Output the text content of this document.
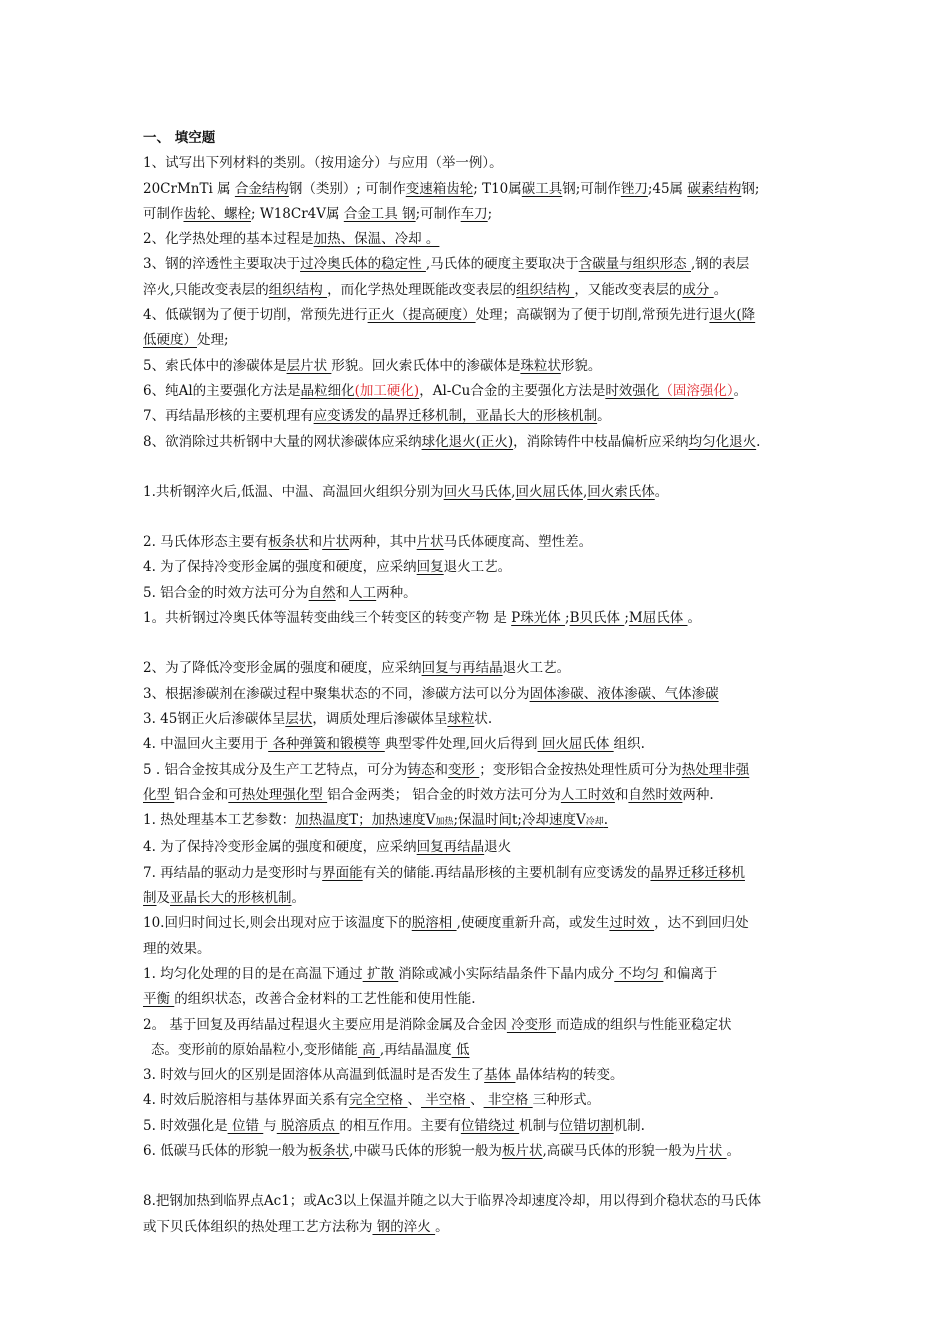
一、 填空题
1、试写出下列材料的类别。（按用途分）与应用（举一例）。
20CrMnTi 属 合金结构钢（类别）; 可制作变速箱齿轮; T10属碳工具钢;可制作锉刀;45属 碳素结构钢;
可制作齿轮、螺栓; W18Cr4V属 合金工具 钢;可制作车刀;
2、化学热处理的基本过程是加热、保温、冷却 。
3、钢的淬透性主要取决于过冷奥氏体的稳定性 ,马氏体的硬度主要取决于含碳量与组织形态 ,钢的表层
淬火,只能改变表层的组织结构 ，而化学热处理既能改变表层的组织结构 ，又能改变表层的成分 。
4、低碳钢为了便于切削，常预先进行正火（提高硬度）处理；高碳钢为了便于切削,常预先进行退火(降
低硬度）处理;
5、索氏体中的渗碳体是层片状 形貌。回火索氏体中的渗碳体是珠粒状形貌。
6、纯Al的主要强化方法是晶粒细化(加工硬化)，Al-Cu合金的主要强化方法是时效强化（固溶强化）。
7、再结晶形核的主要机理有应变诱发的晶界迁移机制，亚晶长大的形核机制。
8、欲消除过共析钢中大量的网状渗碳体应采纳球化退火(正火)，消除铸件中枝晶偏析应采纳均匀化退火.
1.共析钢淬火后,低温、中温、高温回火组织分别为回火马氏体,回火屈氏体,回火索氏体。
2. 马氏体形态主要有板条状和片状两种，其中片状马氏体硬度高、塑性差。
4. 为了保持冷变形金属的强度和硬度，应采纳回复退火工艺。
5. 铝合金的时效方法可分为自然和人工两种。
1。共析钢过冷奥氏体等温转变曲线三个转变区的转变产物 是 P珠光体 ;B贝氏体 ;M屈氏体 。
2、为了降低冷变形金属的强度和硬度，应采纳回复与再结晶退火工艺。
3、根据渗碳剂在渗碳过程中聚集状态的不同，渗碳方法可以分为固体渗碳、液体渗碳、气体渗碳
3. 45钢正火后渗碳体呈层状，调质处理后渗碳体呈球粒状.
4. 中温回火主要用于 各种弹簧和锻模等 典型零件处理,回火后得到 回火屈氏体 组织.
5 . 铝合金按其成分及生产工艺特点，可分为铸态和变形 ；变形铝合金按热处理性质可分为热处理非强
化型 铝合金和可热处理强化型 铝合金两类； 铝合金的时效方法可分为人工时效和自然时效两种.
1. 热处理基本工艺参数：加热温度T；加热速度V加热;保温时间t;冷却速度V冷却.
4. 为了保持冷变形金属的强度和硬度，应采纳回复再结晶退火
7. 再结晶的驱动力是变形时与界面能有关的储能.再结晶形核的主要机制有应变诱发的晶界迁移迁移机
制及亚晶长大的形核机制。
10.回归时间过长,则会出现对应于该温度下的脱溶相 ,使硬度重新升高，或发生过时效 ，达不到回归处
理的效果。
1. 均匀化处理的目的是在高温下通过 扩散 消除或减小实际结晶条件下晶内成分 不均匀 和偏离于
平衡 的组织状态，改善合金材料的工艺性能和使用性能.
2。 基于回复及再结晶过程退火主要应用是消除金属及合金因 冷变形 而造成的组织与性能亚稳定状
态。变形前的原始晶粒小,变形储能 高 ,再结晶温度 低
3. 时效与回火的区别是固溶体从高温到低温时是否发生了基体 晶体结构的转变。
4. 时效后脱溶相与基体界面关系有完全空格 、 半空格 、 非空格 三种形式。
5. 时效强化是 位错 与 脱溶质点 的相互作用。主要有位错绕过 机制与位错切割机制.
6. 低碳马氏体的形貌一般为板条状,中碳马氏体的形貌一般为板片状,高碳马氏体的形貌一般为片状 。
8.把钢加热到临界点Ac1；或Ac3以上保温并随之以大于临界冷却速度冷却，用以得到介稳状态的马氏体
或下贝氏体组织的热处理工艺方法称为 钢的淬火 。
